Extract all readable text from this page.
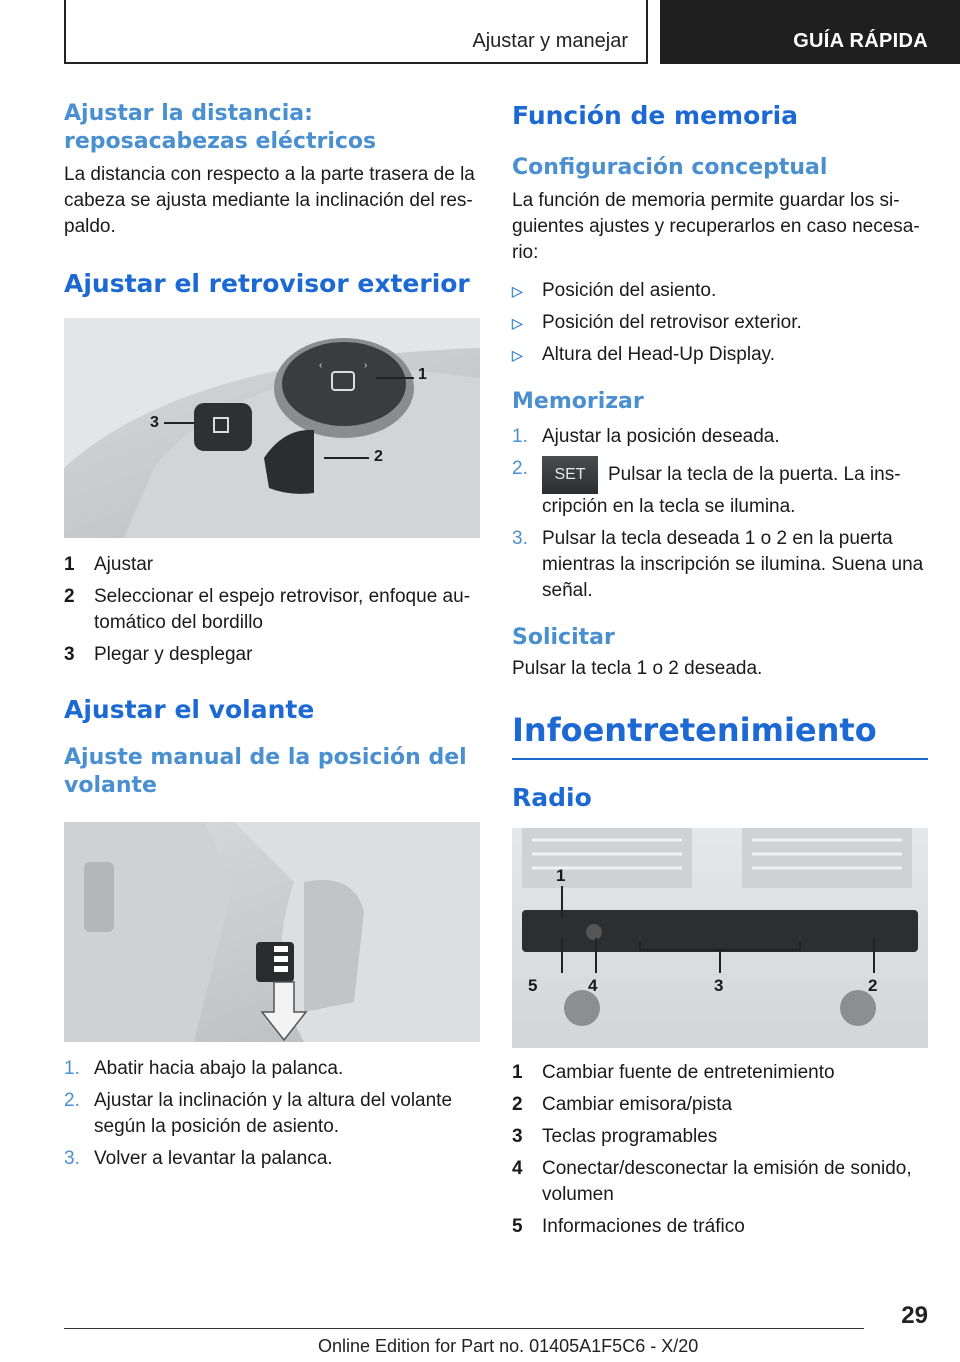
Ajustar y manejar	GUÍA RÁPIDA
Ajustar la distancia: reposacabezas eléctricos

La distancia con respecto a la parte trasera de la cabeza se ajusta mediante la inclinación del respaldo.

Ajustar el retrovisor exterior
‹	›
1
2
3
1	Ajustar
2	Seleccionar el espejo retrovisor, enfoque automático del bordillo
3	Plegar y desplegar
Ajustar el volante
Ajuste manual de la posición del volante
1. Abatir hacia abajo la palanca.
2. Ajustar la inclinación y la altura del volante según la posición de asiento.
3. Volver a levantar la palanca.
Función de memoria
Configuración conceptual

La función de memoria permite guardar los siguientes ajustes y recuperarlos en caso necesario:

▷	Posición del asiento.
▷	Posición del retrovisor exterior.
▷	Altura del Head-Up Display.
Memorizar
1. Ajustar la posición deseada.
2.	SET Pulsar la tecla de la puerta. La inscripción en la tecla se ilumina.
3. Pulsar la tecla deseada 1 o 2 en la puerta mientras la inscripción se ilumina. Suena una señal.
Solicitar

Pulsar la tecla 1 o 2 deseada.

Infoentretenimiento
Radio
1
5	4	3	2
1	Cambiar fuente de entretenimiento
2	Cambiar emisora/pista
3	Teclas programables
4	Conectar/desconectar la emisión de sonido, volumen
5	Informaciones de tráfico
29
Online Edition for Part no. 01405A1F5C6 - X/20
